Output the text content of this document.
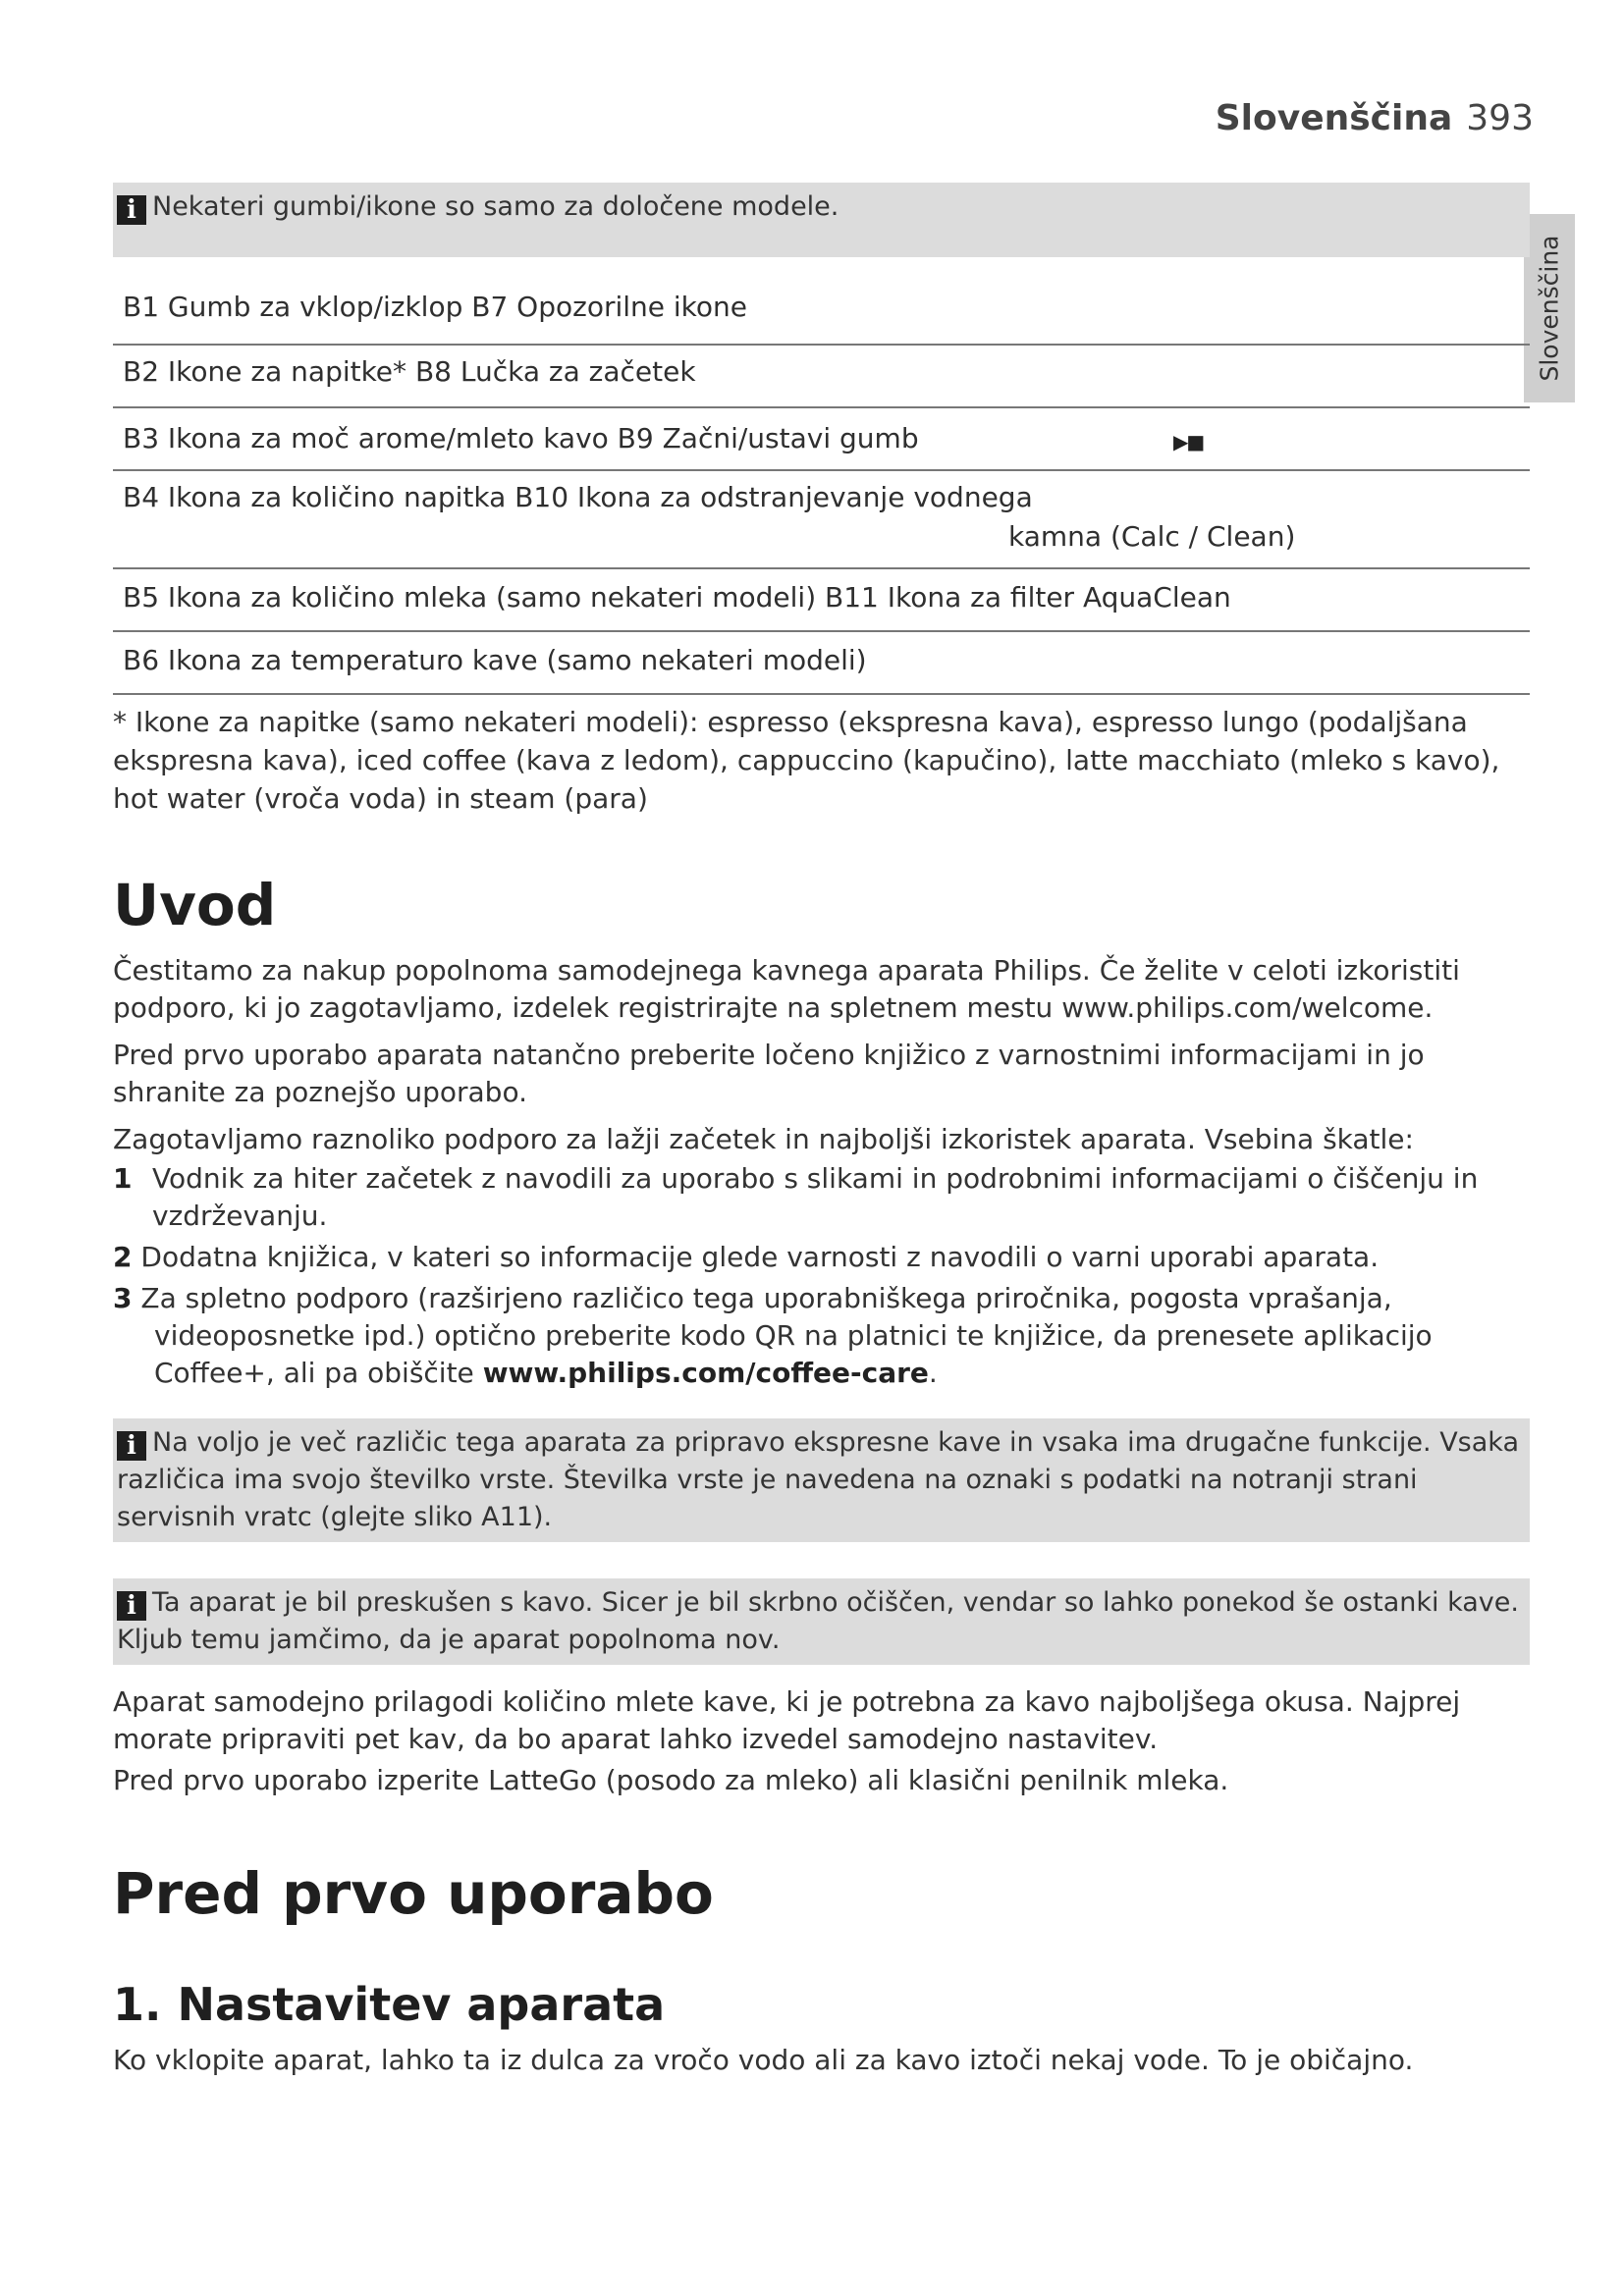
Slovenščina 393
Slovenščina
i Nekateri gumbi/ikone so samo za določene modele.
B1 Gumb za vklop/izklop B7 Opozorilne ikone
B2 Ikone za napitke* B8 Lučka za začetek
B3 Ikona za moč arome/mleto kavo B9 Začni/ustavi gumb	▶■
B4 Ikona za količino napitka B10 Ikona za odstranjevanje vodnega
kamna (Calc / Clean)
B5 Ikona za količino mleka (samo nekateri modeli) B11 Ikona za filter AquaClean
B6 Ikona za temperaturo kave (samo nekateri modeli)

* Ikone za napitke (samo nekateri modeli): espresso (ekspresna kava), espresso lungo (podaljšana ekspresna kava), iced coffee (kava z ledom), cappuccino (kapučino), latte macchiato (mleko s kavo), hot water (vroča voda) in steam (para)

Uvod

Čestitamo za nakup popolnoma samodejnega kavnega aparata Philips. Če želite v celoti izkoristiti podporo, ki jo zagotavljamo, izdelek registrirajte na spletnem mestu www.philips.com/welcome.

Pred prvo uporabo aparata natančno preberite ločeno knjižico z varnostnimi informacijami in jo shranite za poznejšo uporabo.

Zagotavljamo raznoliko podporo za lažji začetek in najboljši izkoristek aparata. Vsebina škatle:

1 Vodnik za hiter začetek z navodili za uporabo s slikami in podrobnimi informacijami o čiščenju in vzdrževanju.
2 Dodatna knjižica, v kateri so informacije glede varnosti z navodili o varni uporabi aparata.
3 Za spletno podporo (razširjeno različico tega uporabniškega priročnika, pogosta vprašanja,
videoposnetke ipd.) optično preberite kodo QR na platnici te knjižice, da prenesete aplikacijo Coffee+, ali pa obiščite www.philips.com/coffee-care.
i Na voljo je več različic tega aparata za pripravo ekspresne kave in vsaka ima drugačne funkcije. Vsaka različica ima svojo številko vrste. Številka vrste je navedena na oznaki s podatki na notranji strani servisnih vratc (glejte sliko A11).
i Ta aparat je bil preskušen s kavo. Sicer je bil skrbno očiščen, vendar so lahko ponekod še ostanki kave. Kljub temu jamčimo, da je aparat popolnoma nov.

Aparat samodejno prilagodi količino mlete kave, ki je potrebna za kavo najboljšega okusa. Najprej morate pripraviti pet kav, da bo aparat lahko izvedel samodejno nastavitev.

Pred prvo uporabo izperite LatteGo (posodo za mleko) ali klasični penilnik mleka.

Pred prvo uporabo
1. Nastavitev aparata

Ko vklopite aparat, lahko ta iz dulca za vročo vodo ali za kavo iztoči nekaj vode. To je običajno.
